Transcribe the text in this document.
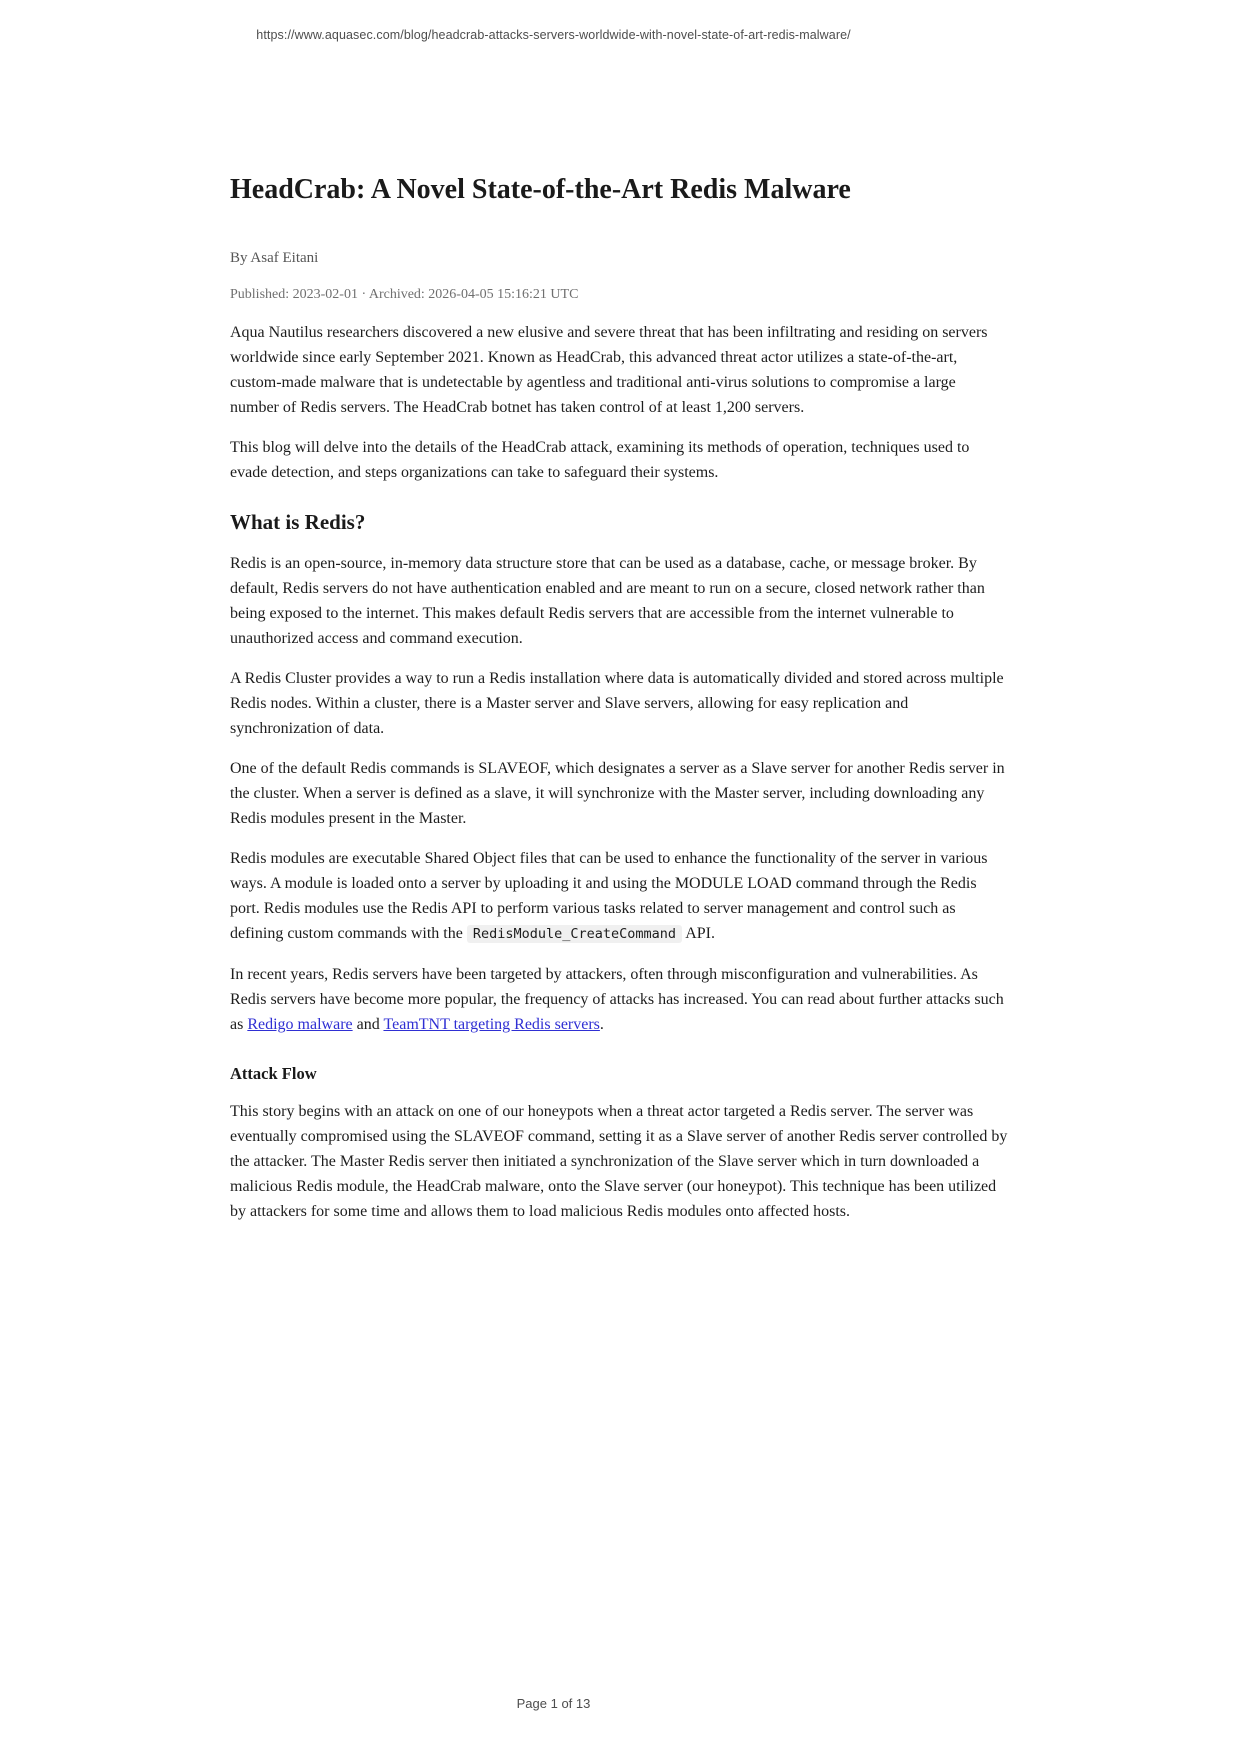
https://www.aquasec.com/blog/headcrab-attacks-servers-worldwide-with-novel-state-of-art-redis-malware/
HeadCrab: A Novel State-of-the-Art Redis Malware
By Asaf Eitani
Published: 2023-02-01 · Archived: 2026-04-05 15:16:21 UTC

Aqua Nautilus researchers discovered a new elusive and severe threat that has been infiltrating and residing on servers worldwide since early September 2021. Known as HeadCrab, this advanced threat actor utilizes a state-of-the-art, custom-made malware that is undetectable by agentless and traditional anti-virus solutions to compromise a large number of Redis servers. The HeadCrab botnet has taken control of at least 1,200 servers.

This blog will delve into the details of the HeadCrab attack, examining its methods of operation, techniques used to evade detection, and steps organizations can take to safeguard their systems.

What is Redis?

Redis is an open-source, in-memory data structure store that can be used as a database, cache, or message broker. By default, Redis servers do not have authentication enabled and are meant to run on a secure, closed network rather than being exposed to the internet. This makes default Redis servers that are accessible from the internet vulnerable to unauthorized access and command execution.

A Redis Cluster provides a way to run a Redis installation where data is automatically divided and stored across multiple Redis nodes. Within a cluster, there is a Master server and Slave servers, allowing for easy replication and synchronization of data.

One of the default Redis commands is SLAVEOF, which designates a server as a Slave server for another Redis server in the cluster. When a server is defined as a slave, it will synchronize with the Master server, including downloading any Redis modules present in the Master.

Redis modules are executable Shared Object files that can be used to enhance the functionality of the server in various ways. A module is loaded onto a server by uploading it and using the MODULE LOAD command through the Redis port. Redis modules use the Redis API to perform various tasks related to server management and control such as defining custom commands with the RedisModule_CreateCommand API.

In recent years, Redis servers have been targeted by attackers, often through misconfiguration and vulnerabilities. As Redis servers have become more popular, the frequency of attacks has increased. You can read about further attacks such as Redigo malware and TeamTNT targeting Redis servers.

Attack Flow

This story begins with an attack on one of our honeypots when a threat actor targeted a Redis server. The server was eventually compromised using the SLAVEOF command, setting it as a Slave server of another Redis server controlled by the attacker. The Master Redis server then initiated a synchronization of the Slave server which in turn downloaded a malicious Redis module, the HeadCrab malware, onto the Slave server (our honeypot). This technique has been utilized by attackers for some time and allows them to load malicious Redis modules onto affected hosts.

Page 1 of 13
